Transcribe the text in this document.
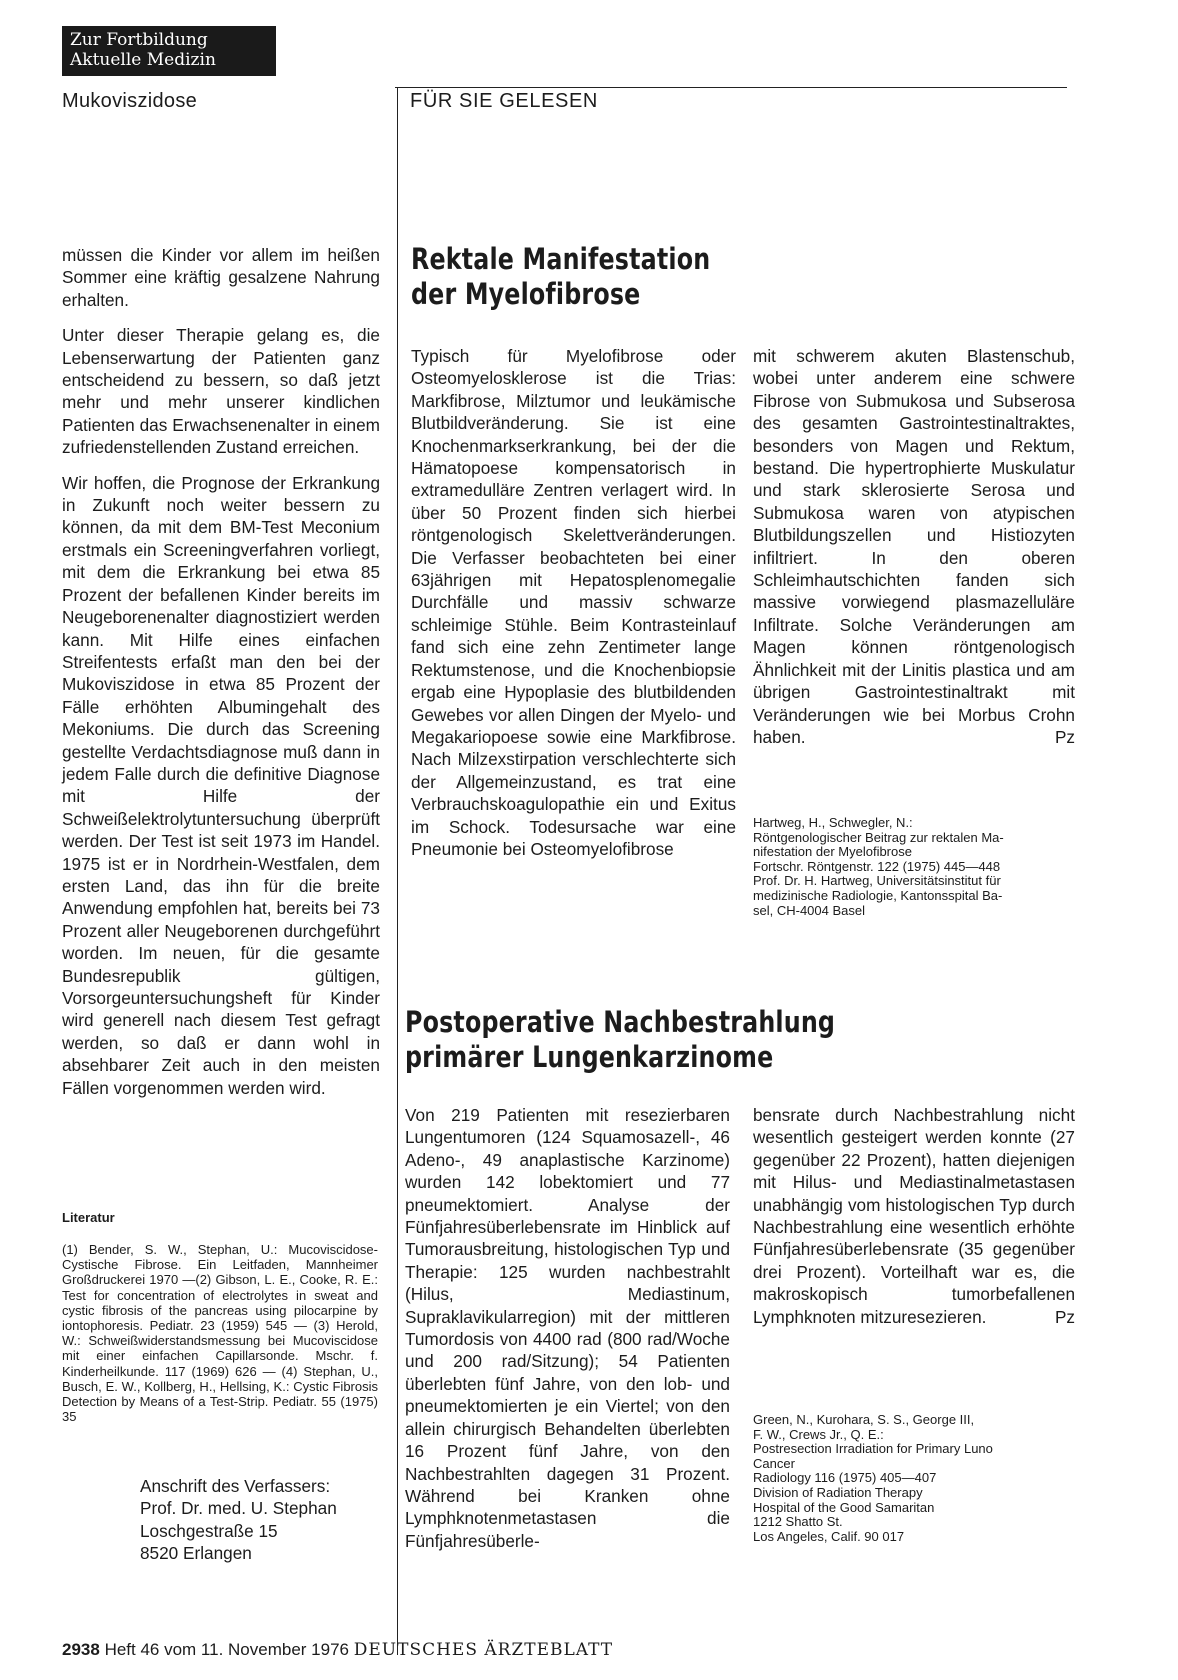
Zur Fortbildung
Aktuelle Medizin
Mukoviszidose	FÜR SIE GELESEN

müssen die Kinder vor allem im heißen Sommer eine kräftig gesalzene Nahrung erhalten.

Unter dieser Therapie gelang es, die Lebenserwartung der Patienten ganz entscheidend zu bessern, so daß jetzt mehr und mehr unserer kindlichen Patienten das Erwachsenenalter in einem zufriedenstellenden Zustand erreichen.

Wir hoffen, die Prognose der Erkrankung in Zukunft noch weiter bessern zu können, da mit dem BM-Test Meconium erstmals ein Screeningverfahren vorliegt, mit dem die Erkrankung bei etwa 85 Prozent der befallenen Kinder bereits im Neugeborenenalter diagnostiziert werden kann. Mit Hilfe eines einfachen Streifentests erfaßt man den bei der Mukoviszidose in etwa 85 Prozent der Fälle erhöhten Albumingehalt des Mekoniums. Die durch das Screening gestellte Verdachtsdiagnose muß dann in jedem Falle durch die definitive Diagnose mit Hilfe der Schweißelektrolytuntersuchung überprüft werden. Der Test ist seit 1973 im Handel. 1975 ist er in Nordrhein-Westfalen, dem ersten Land, das ihn für die breite Anwendung empfohlen hat, bereits bei 73 Prozent aller Neugeborenen durchgeführt worden. Im neuen, für die gesamte Bundesrepublik gültigen, Vorsorgeuntersuchungsheft für Kinder wird generell nach diesem Test gefragt werden, so daß er dann wohl in absehbarer Zeit auch in den meisten Fällen vorgenommen werden wird.

Literatur
(1) Bender, S. W., Stephan, U.: Mucoviscidose-Cystische Fibrose. Ein Leitfaden, Mannheimer Großdruckerei 1970 —(2) Gibson, L. E., Cooke, R. E.: Test for concentration of electrolytes in sweat and cystic fibrosis of the pancreas using pilocarpine by iontophoresis. Pediatr. 23 (1959) 545 — (3) Herold, W.: Schweißwiderstandsmessung bei Mucoviscidose mit einer einfachen Capillarsonde. Mschr. f. Kinderheilkunde. 117 (1969) 626 — (4) Stephan, U., Busch, E. W., Kollberg, H., Hellsing, K.: Cystic Fibrosis Detection by Means of a Test-Strip. Pediatr. 55 (1975) 35
Anschrift des Verfassers:
Prof. Dr. med. U. Stephan
Loschgestraße 15
8520 Erlangen
Rektale Manifestation
der Myelofibrose
Typisch für Myelofibrose oder Osteomyelosklerose ist die Trias: Markfibrose, Milztumor und leukämische Blutbildveränderung. Sie ist eine Knochenmarkserkrankung, bei der die Hämatopoese kompensatorisch in extramedulläre Zentren verlagert wird. In über 50 Prozent finden sich hierbei röntgenologisch Skelettveränderungen. Die Verfasser beobachteten bei einer 63jährigen mit Hepatosplenomegalie Durchfälle und massiv schwarze schleimige Stühle. Beim Kontrasteinlauf fand sich eine zehn Zentimeter lange Rektumstenose, und die Knochenbiopsie ergab eine Hypoplasie des blutbildenden Gewebes vor allen Dingen der Myelo- und Megakariopoese sowie eine Markfibrose. Nach Milzexstirpation verschlechterte sich der Allgemeinzustand, es trat eine Verbrauchskoagulopathie ein und Exitus im Schock. Todesursache war eine Pneumonie bei Osteomyelofibrose
mit schwerem akuten Blastenschub, wobei unter anderem eine schwere Fibrose von Submukosa und Subserosa des gesamten Gastrointestinaltraktes, besonders von Magen und Rektum, bestand. Die hypertrophierte Muskulatur und stark sklerosierte Serosa und Submukosa waren von atypischen Blutbildungszellen und Histiozyten infiltriert. In den oberen Schleimhautschichten fanden sich massive vorwiegend plasmazelluläre Infiltrate. Solche Veränderungen am Magen können röntgenologisch Ähnlichkeit mit der Linitis plastica und am übrigen Gastrointestinaltrakt mit Veränderungen wie bei Morbus Crohn haben.	Pz
Hartweg, H., Schwegler, N.:
Röntgenologischer Beitrag zur rektalen Ma-
nifestation der Myelofibrose
Fortschr. Röntgenstr. 122 (1975) 445—448
Prof. Dr. H. Hartweg, Universitätsinstitut für
medizinische Radiologie, Kantonsspital Ba-
sel, CH-4004 Basel
Postoperative Nachbestrahlung
primärer Lungenkarzinome
Von 219 Patienten mit resezierbaren Lungentumoren (124 Squamosazell-, 46 Adeno-, 49 anaplastische Karzinome) wurden 142 lobektomiert und 77 pneumektomiert. Analyse der Fünfjahresüberlebensrate im Hinblick auf Tumorausbreitung, histologischen Typ und Therapie: 125 wurden nachbestrahlt (Hilus, Mediastinum, Supraklavikularregion) mit der mittleren Tumordosis von 4400 rad (800 rad/Woche und 200 rad/Sitzung); 54 Patienten überlebten fünf Jahre, von den lob- und pneumektomierten je ein Viertel; von den allein chirurgisch Behandelten überlebten 16 Prozent fünf Jahre, von den Nachbestrahlten dagegen 31 Prozent. Während bei Kranken ohne Lymphknotenmetastasen die Fünfjahresüberle-
bensrate durch Nachbestrahlung nicht wesentlich gesteigert werden konnte (27 gegenüber 22 Prozent), hatten diejenigen mit Hilus- und Mediastinalmetastasen unabhängig vom histologischen Typ durch Nachbestrahlung eine wesentlich erhöhte Fünfjahresüberlebensrate (35 gegenüber drei Prozent). Vorteilhaft war es, die makroskopisch tumorbefallenen Lymphknoten mitzuresezieren.	Pz
Green, N., Kurohara, S. S., George III,
F. W., Crews Jr., Q. E.:
Postresection Irradiation for Primary Luno
Cancer
Radiology 116 (1975) 405—407
Division of Radiation Therapy
Hospital of the Good Samaritan
1212 Shatto St.
Los Angeles, Calif. 90 017
2938 Heft 46 vom 11. November 1976 DEUTSCHES ÄRZTEBLATT
